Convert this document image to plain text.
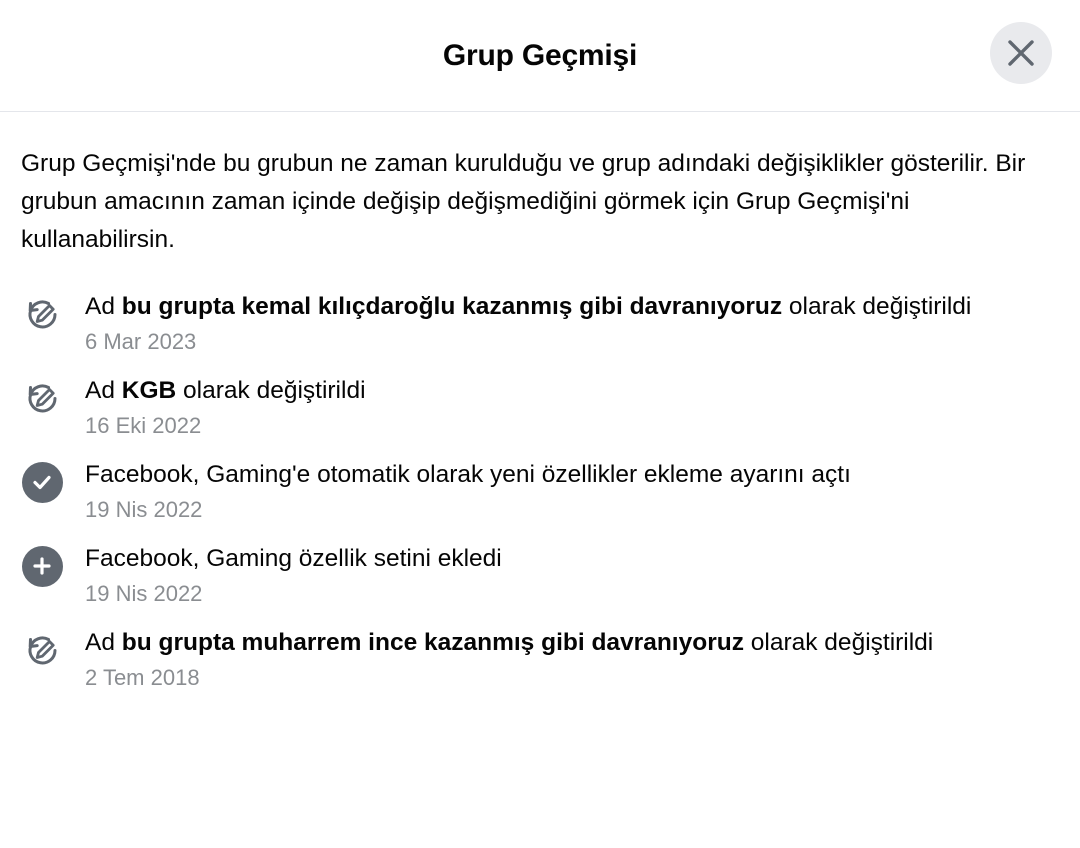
Grup Geçmişi
Grup Geçmişi'nde bu grubun ne zaman kurulduğu ve grup adındaki değişiklikler gösterilir. Bir grubun amacının zaman içinde değişip değişmediğini görmek için Grup Geçmişi'ni kullanabilirsin.
Ad bu grupta kemal kılıçdaroğlu kazanmış gibi davranıyoruz olarak değiştirildi
6 Mar 2023
Ad KGB olarak değiştirildi
16 Eki 2022
Facebook, Gaming'e otomatik olarak yeni özellikler ekleme ayarını açtı
19 Nis 2022
Facebook, Gaming özellik setini ekledi
19 Nis 2022
Ad bu grupta muharrem ince kazanmış gibi davranıyoruz olarak değiştirildi
2 Tem 2018
